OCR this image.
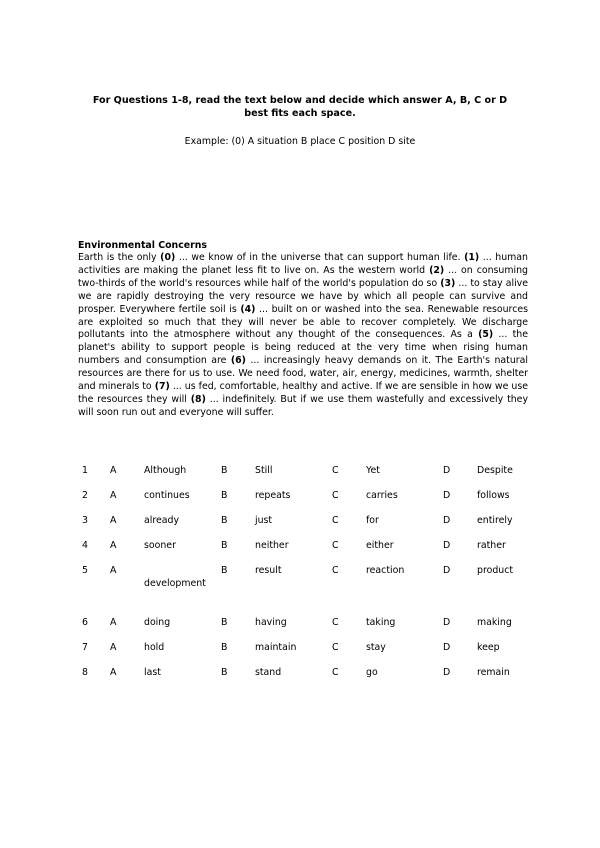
For Questions 1-8, read the text below and decide which answer A, B, C or D
best fits each space.
Example: (0) A situation B place C position D site
Environmental Concerns
Earth is the only (0) ... we know of in the universe that can support human life. (1) ... human activities are making the planet less fit to live on. As the western world (2) ... on consuming two-thirds of the world's resources while half of the world's population do so (3) ... to stay alive we are rapidly destroying the very resource we have by which all people can survive and prosper. Everywhere fertile soil is (4) ... built on or washed into the sea. Renewable resources are exploited so much that they will never be able to recover completely. We discharge pollutants into the atmosphere without any thought of the consequences. As a (5) ... the planet's ability to support people is being reduced at the very time when rising human numbers and consumption are (6) ... increasingly heavy demands on it. The Earth's natural resources are there for us to use. We need food, water, air, energy, medicines, warmth, shelter and minerals to (7) ... us fed, comfortable, healthy and active. If we are sensible in how we use the resources they will (8) ... indefinitely. But if we use them wastefully and excessively they will soon run out and everyone will suffer.
1	A	Although	B	Still	C	Yet	D	Despite
2	A	continues	B	repeats	C	carries	D	follows
3	A	already	B	just	C	for	D	entirely
4	A	sooner	B	neither	C	either	D	rather
5	A	development	B	result	C	reaction	D	product
6	A	doing	B	having	C	taking	D	making
7	A	hold	B	maintain	C	stay	D	keep
8	A	last	B	stand	C	go	D	remain
